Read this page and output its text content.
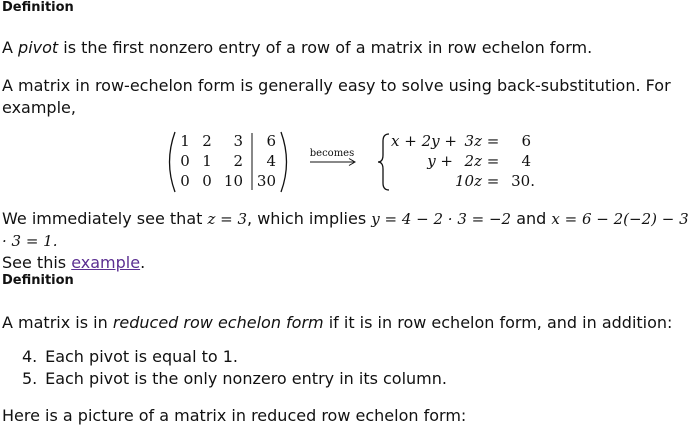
Definition
A pivot is the first nonzero entry of a row of a matrix in row echelon form.
A matrix in row-echelon form is generally easy to solve using back-substitution. For example,
1 2 3 6
0 1 2 4
0 0 10 30
becomes
x + 2y + 3z = 6
y + 2z = 4
10z = 30.
We immediately see that z = 3, which implies y = 4 − 2 · 3 = −2 and x = 6 − 2(−2) − 3 · 3 = 1.
See this example.
Definition
A matrix is in reduced row echelon form if it is in row echelon form, and in addition:
4. Each pivot is equal to 1.
5. Each pivot is the only nonzero entry in its column.
Here is a picture of a matrix in reduced row echelon form:
